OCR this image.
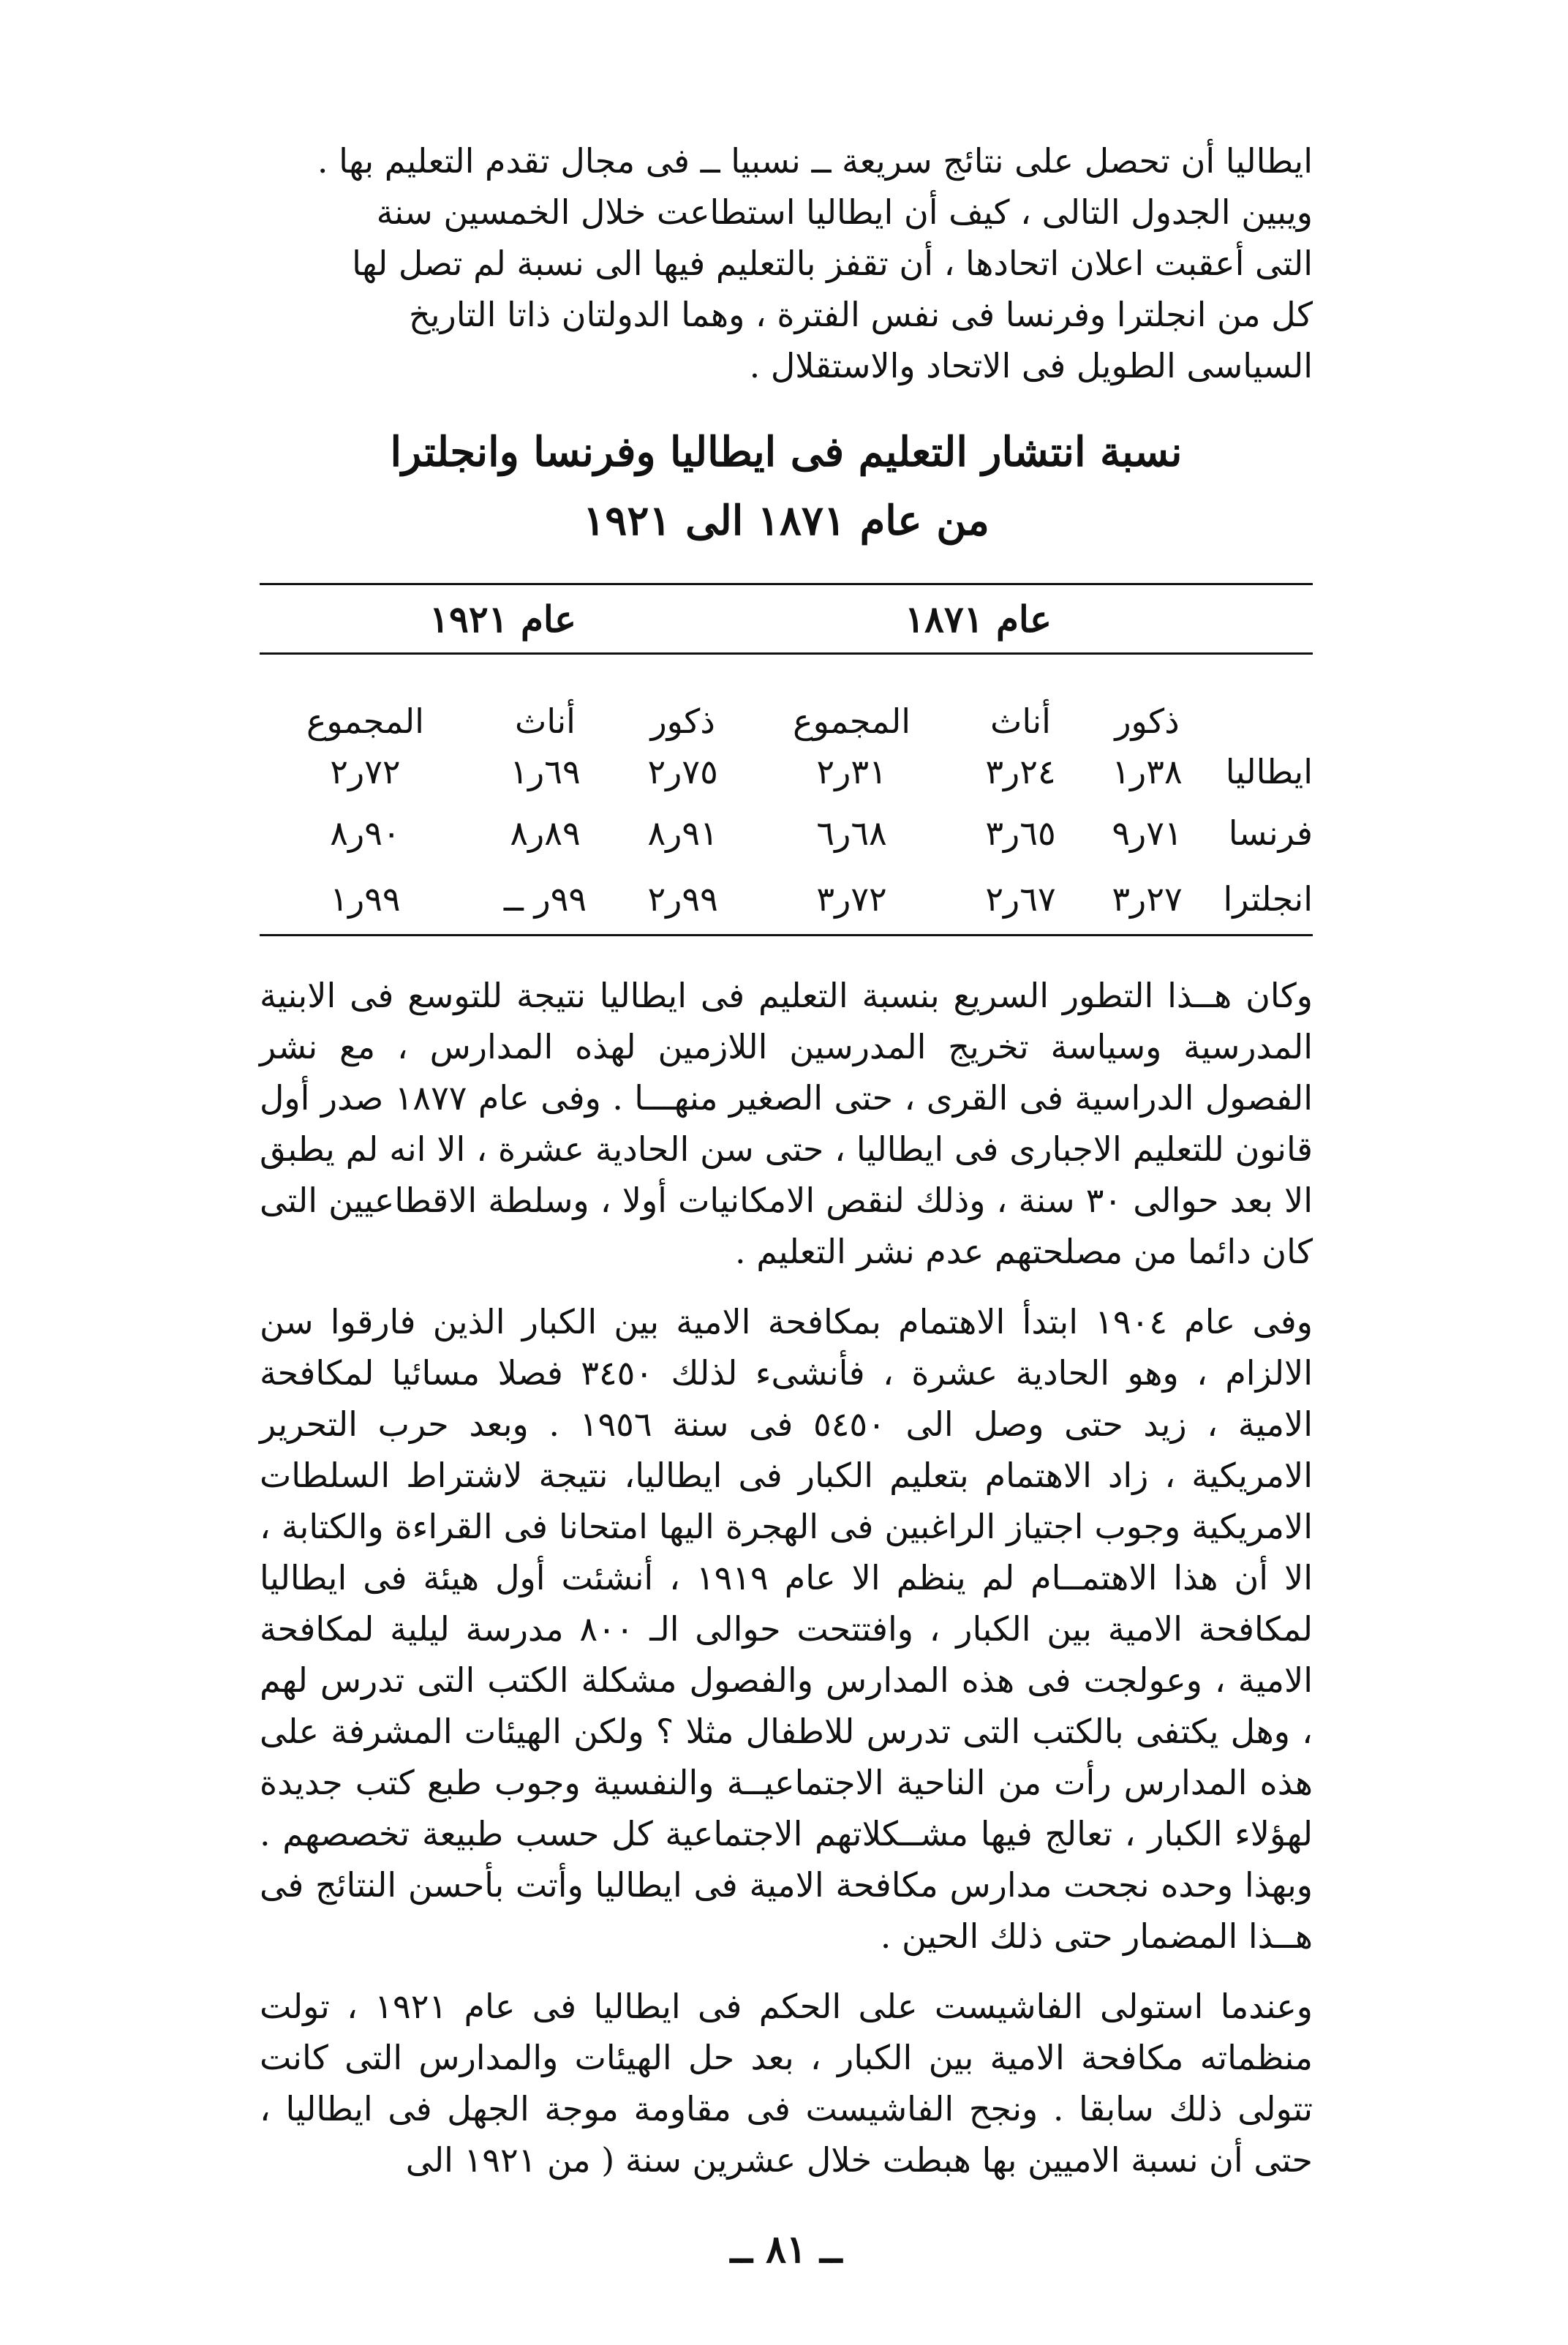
ايطاليا أن تحصل على نتائج سريعة ــ نسبيا ــ فى مجال تقدم التعليم بها .
ويبين الجدول التالى ، كيف أن ايطاليا استطاعت خلال الخمسين سنة
التى أعقبت اعلان اتحادها ، أن تقفز بالتعليم فيها الى نسبة لم تصل لها
كل من انجلترا وفرنسا فى نفس الفترة ، وهما الدولتان ذاتا التاريخ
السياسى الطويل فى الاتحاد والاستقلال .

نسبة انتشار التعليم فى ايطاليا وفرنسا وانجلترا

من عام ١٨٧١ الى ١٩٢١

	عام ١٨٧١			عام ١٩٢١		
	ذكور	أناث	المجموع	ذكور	أناث	المجموع
ايطاليا	٣٨ر١	٢٤ر٣	٣١ر٢	٧٥ر٢	٦٩ر١	٧٢ر٢
فرنسا	٧١ر٩	٦٥ر٣	٦٨ر٦	٩١ر٨	٨٩ر٨	٩٠ر٨
انجلترا	٢٧ر٣	٦٧ر٢	٧٢ر٣	٩٩ر٢	٩٩ر ــ	٩٩ر١

وكان هــذا التطور السريع بنسبة التعليم فى ايطاليا نتيجة للتوسع فى الابنية المدرسية وسياسة تخريج المدرسين اللازمين لهذه المدارس ، مع نشر الفصول الدراسية فى القرى ، حتى الصغير منهـــا . وفى عام ١٨٧٧ صدر أول قانون للتعليم الاجبارى فى ايطاليا ، حتى سن الحادية عشرة ، الا انه لم يطبق الا بعد حوالى ٣٠ سنة ، وذلك لنقص الامكانيات أولا ، وسلطة الاقطاعيين التى كان دائما من مصلحتهم عدم نشر التعليم .

وفى عام ١٩٠٤ ابتدأ الاهتمام بمكافحة الامية بين الكبار الذين فارقوا سن الالزام ، وهو الحادية عشرة ، فأنشىء لذلك ٣٤٥٠ فصلا مسائيا لمكافحة الامية ، زيد حتى وصل الى ٥٤٥٠ فى سنة ١٩٥٦ . وبعد حرب التحرير الامريكية ، زاد الاهتمام بتعليم الكبار فى ايطاليا، نتيجة لاشتراط السلطات الامريكية وجوب اجتياز الراغبين فى الهجرة اليها امتحانا فى القراءة والكتابة ، الا أن هذا الاهتمــام لم ينظم الا عام ١٩١٩ ، أنشئت أول هيئة فى ايطاليا لمكافحة الامية بين الكبار ، وافتتحت حوالى الـ ٨٠٠ مدرسة ليلية لمكافحة الامية ، وعولجت فى هذه المدارس والفصول مشكلة الكتب التى تدرس لهم ، وهل يكتفى بالكتب التى تدرس للاطفال مثلا ؟ ولكن الهيئات المشرفة على هذه المدارس رأت من الناحية الاجتماعيــة والنفسية وجوب طبع كتب جديدة لهؤلاء الكبار ، تعالج فيها مشــكلاتهم الاجتماعية كل حسب طبيعة تخصصهم . وبهذا وحده نجحت مدارس مكافحة الامية فى ايطاليا وأتت بأحسن النتائج فى هــذا المضمار حتى ذلك الحين .

وعندما استولى الفاشيست على الحكم فى ايطاليا فى عام ١٩٢١ ، تولت منظماته مكافحة الامية بين الكبار ، بعد حل الهيئات والمدارس التى كانت تتولى ذلك سابقا . ونجح الفاشيست فى مقاومة موجة الجهل فى ايطاليا ، حتى أن نسبة الاميين بها هبطت خلال عشرين سنة ( من ١٩٢١ الى

ــ ٨١ ــ
